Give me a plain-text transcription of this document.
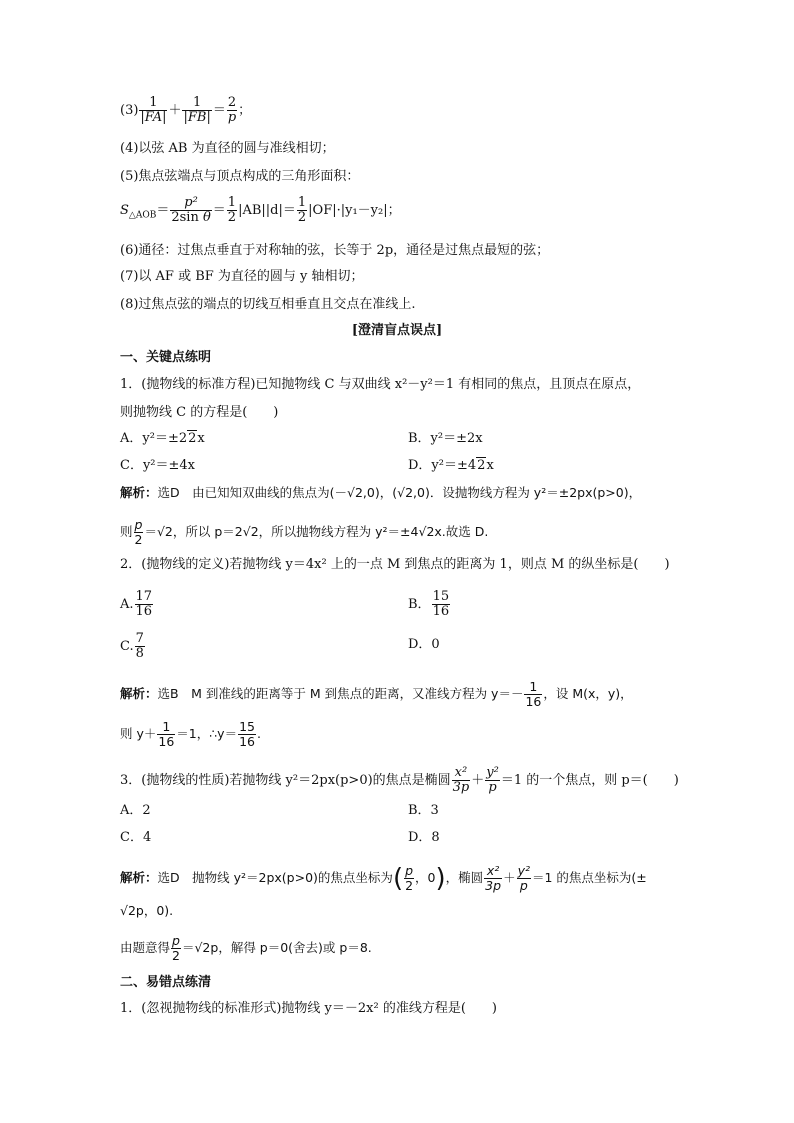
$(3) \frac{1}{|FA|} + \frac{1}{|FB|} = \frac{2}{p}$ ；
(4)以弦 AB 为直径的圆与准线相切；
(5)焦点弦端点与顶点构成的三角形面积：
$S_{\triangle AOB}= \frac{\text{p²}}{\text{2sin θ}} = \frac{1}{2} |AB||d|= \frac{1}{2} |OF|\cdot|y_1-y_2|$；
(6)通径：过焦点垂直于对称轴的弦，长等于 2p，通径是过焦点最短的弦；
(7)以 AF 或 BF 为直径的圆与 y 轴相切；
(8)过焦点弦的端点的切线互相垂直且交点在准线上.
[澄清盲点误点]
一、关键点练明
1．(抛物线的标准方程)已知抛物线 C 与双曲线 x²－y²＝1 有相同的焦点，且顶点在原点，
则抛物线 C 的方程是(　　)
A．y²＝±22x	B．y²＝±2x
C．y²＝±4x	D．y²＝±42x
解析：选D　由已知知双曲线的焦点为(－√2,0)，(√2,0)．设抛物线方程为 y²＝±2px(p>0)，
则 $\frac{p}{2} =√2$，所以 p＝2√2，所以抛物线方程为 y²＝±4√2x.故选 D.
2．(抛物线的定义)若抛物线 y＝4x² 上的一点 M 到焦点的距离为 1，则点 M 的纵坐标是(　　)
A. $\frac{17}{16}$	B． $\frac{15}{16}$
C. $\frac{7}{8}$	D．0
解析：选B　M 到准线的距离等于 M 到焦点的距离，又准线方程为 $y=- \frac{1}{16}$ ，设 M(x，y)，
则 $y+ \frac{1}{16} =1$，∴y＝ $\frac{15}{16}$ .
3．(抛物线的性质)若抛物线 y²＝2px(p>0)的焦点是椭圆 $\frac{\text{x²}}{3p} + \frac{\text{y²}}{p} =1$ 的一个焦点，则 p＝(　　)
A．2	B．3
C．4	D．8
解析：选D　抛物线 y²＝2px(p>0)的焦点坐标为( $\frac{p}{2}$ ，0)，椭圆 $\frac{\text{x²}}{3p} + \frac{\text{y²}}{p} =1$ 的焦点坐标为(±
√2p，0).
由题意得 $\frac{p}{2} =√2p$，解得 p＝0(舍去)或 p＝8.
二、易错点练清
1．(忽视抛物线的标准形式)抛物线 y＝－2x² 的准线方程是(　　)
